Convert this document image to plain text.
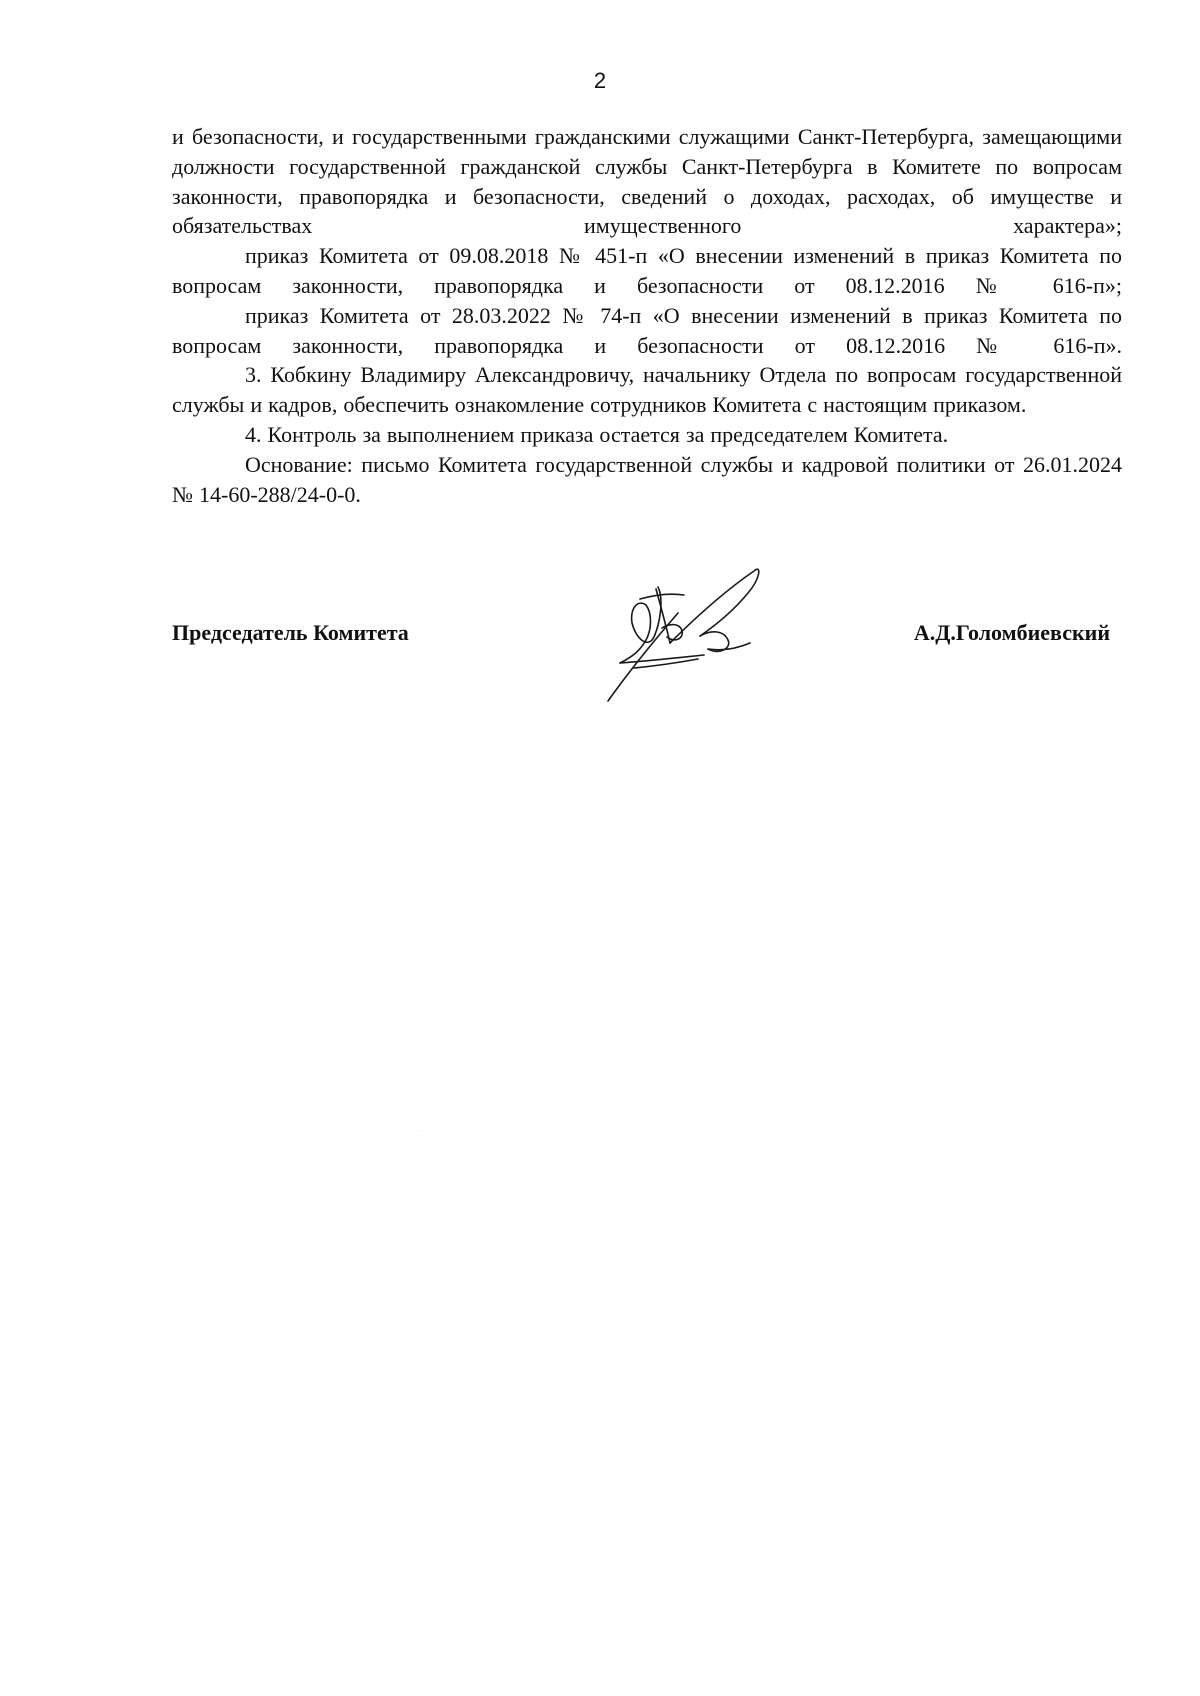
2

и безопасности, и государственными гражданскими служащими Санкт-Петербурга, замещающими должности государственной гражданской службы Санкт-Петербурга в Комитете по вопросам законности, правопорядка и безопасности, сведений о доходах, расходах, об имуществе и обязательствах имущественного характера»;

приказ Комитета от 09.08.2018 № 451-п «О внесении изменений в приказ Комитета по вопросам законности, правопорядка и безопасности от 08.12.2016 № 616-п»;

приказ Комитета от 28.03.2022 № 74-п «О внесении изменений в приказ Комитета по вопросам законности, правопорядка и безопасности от 08.12.2016 № 616-п».

3. Кобкину Владимиру Александровичу, начальнику Отдела по вопросам государственной службы и кадров, обеспечить ознакомление сотрудников Комитета с настоящим приказом.

4. Контроль за выполнением приказа остается за председателем Комитета.

Основание: письмо Комитета государственной службы и кадровой политики от 26.01.2024 № 14-60-288/24-0-0.

Председатель Комитета	А.Д.Голомбиевский
